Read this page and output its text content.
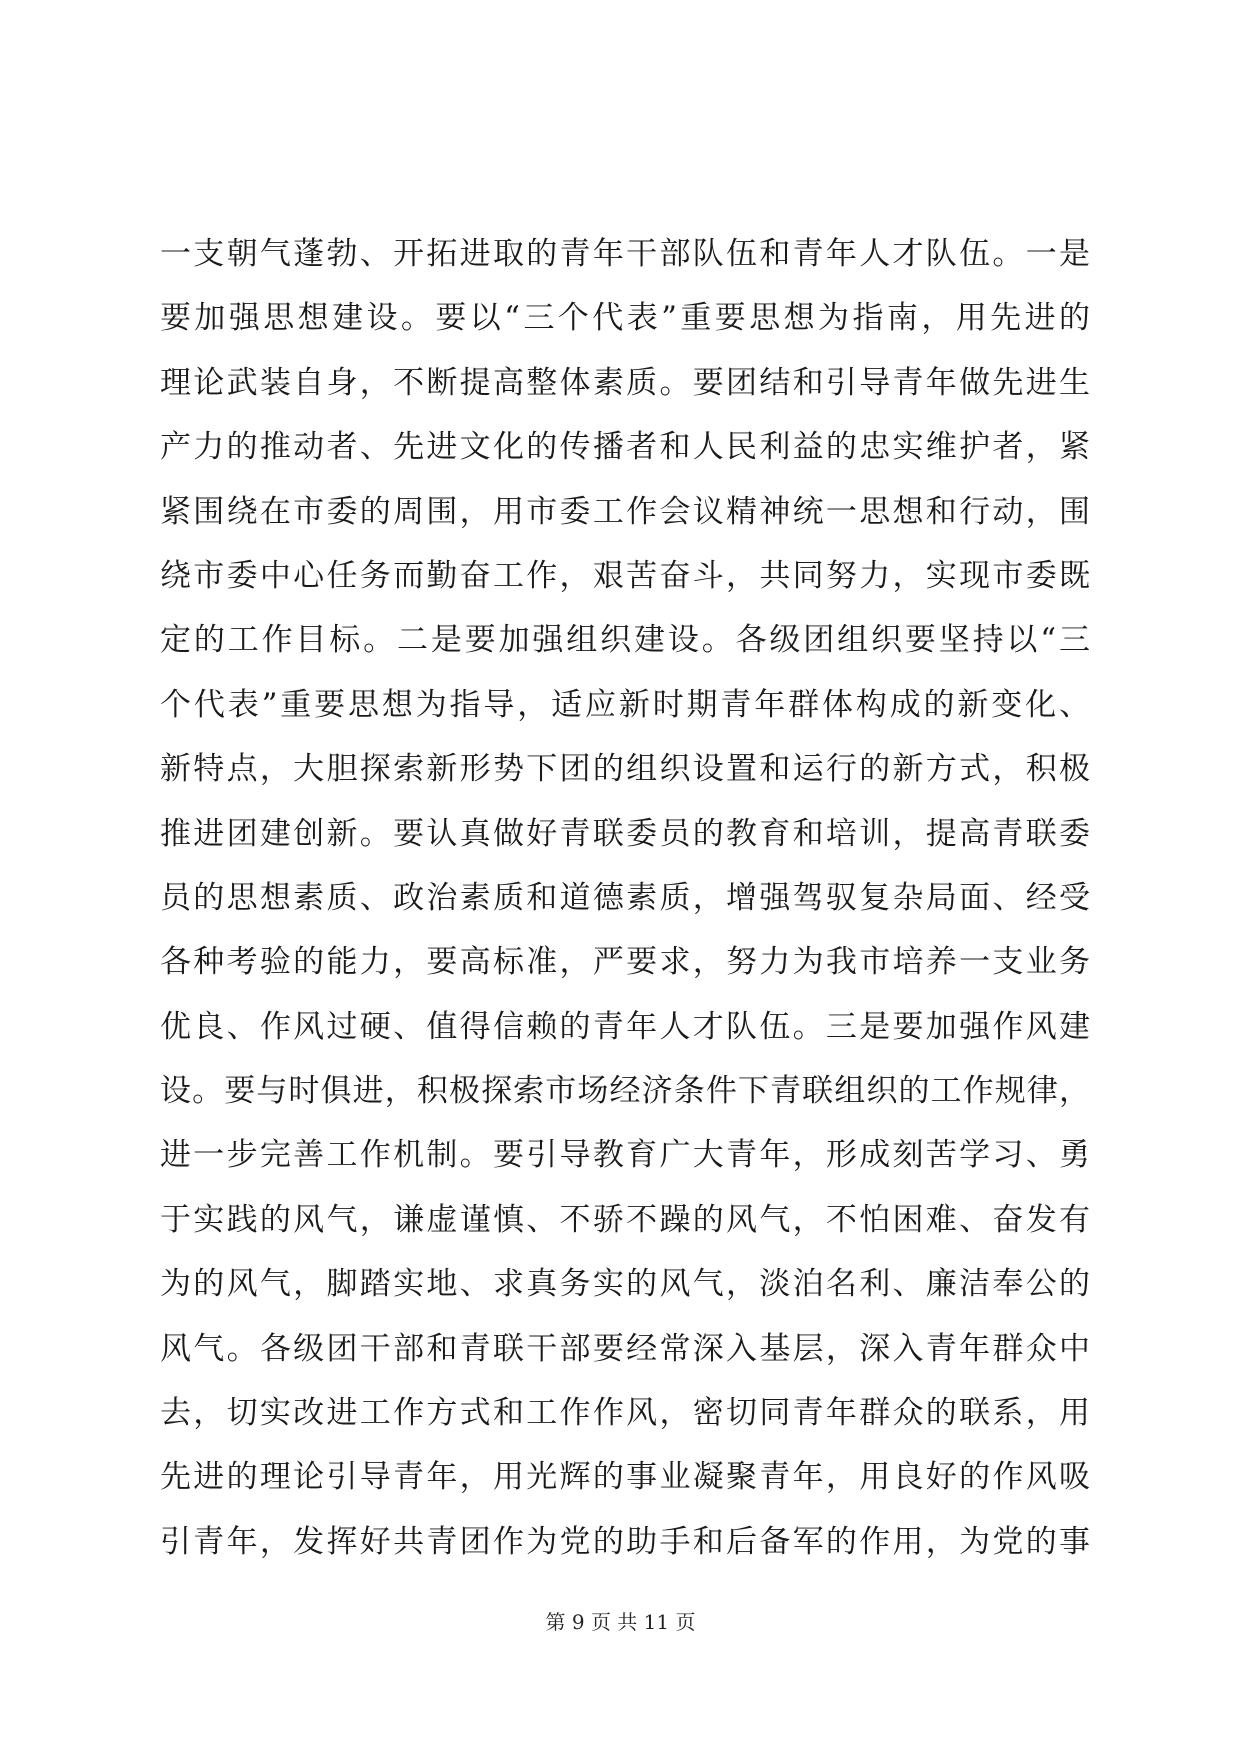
一支朝气蓬勃、开拓进取的青年干部队伍和青年人才队伍。一是
要加强思想建设。要以“三个代表”重要思想为指南，用先进的
理论武装自身，不断提高整体素质。要团结和引导青年做先进生
产力的推动者、先进文化的传播者和人民利益的忠实维护者，紧
紧围绕在市委的周围，用市委工作会议精神统一思想和行动，围
绕市委中心任务而勤奋工作，艰苦奋斗，共同努力，实现市委既
定的工作目标。二是要加强组织建设。各级团组织要坚持以“三
个代表”重要思想为指导，适应新时期青年群体构成的新变化、
新特点，大胆探索新形势下团的组织设置和运行的新方式，积极
推进团建创新。要认真做好青联委员的教育和培训，提高青联委
员的思想素质、政治素质和道德素质，增强驾驭复杂局面、经受
各种考验的能力，要高标准，严要求，努力为我市培养一支业务
优良、作风过硬、值得信赖的青年人才队伍。三是要加强作风建
设。要与时俱进，积极探索市场经济条件下青联组织的工作规律，
进一步完善工作机制。要引导教育广大青年，形成刻苦学习、勇
于实践的风气，谦虚谨慎、不骄不躁的风气，不怕困难、奋发有
为的风气，脚踏实地、求真务实的风气，淡泊名利、廉洁奉公的
风气。各级团干部和青联干部要经常深入基层，深入青年群众中
去，切实改进工作方式和工作作风，密切同青年群众的联系，用
先进的理论引导青年，用光辉的事业凝聚青年，用良好的作风吸
引青年，发挥好共青团作为党的助手和后备军的作用，为党的事
第 9 页 共 11 页
